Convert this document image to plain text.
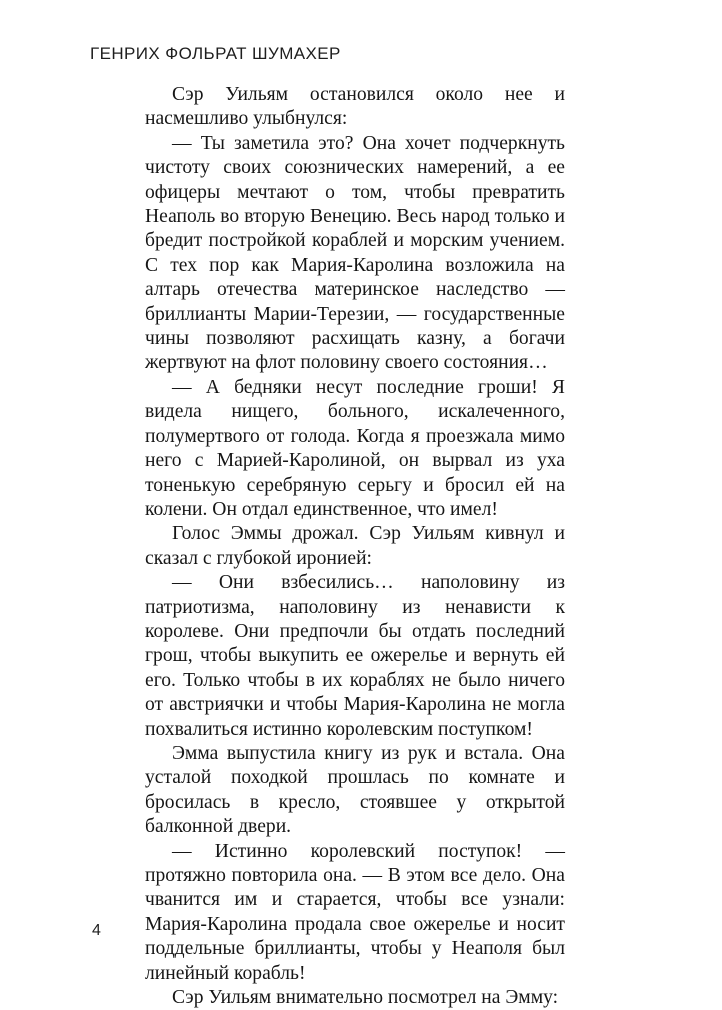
ГЕНРИХ ФОЛЬРАТ ШУМАХЕР

Сэр Уильям остановился около нее и насмешливо улыбнулся:

— Ты заметила это? Она хочет подчеркнуть чистоту своих союзнических намерений, а ее офицеры мечтают о том, чтобы превратить Неаполь во вторую Венецию. Весь народ только и бредит постройкой кораблей и морским учением. С тех пор как Мария-Каролина возложила на алтарь отечества материнское наследство — бриллианты Марии-Терезии, — государственные чины позволяют расхищать казну, а богачи жертвуют на флот половину своего состояния…

— А бедняки несут последние гроши! Я видела нищего, больного, искалеченного, полумертвого от голода. Когда я проезжала мимо него с Марией-Каролиной, он вырвал из уха тоненькую серебряную серьгу и бросил ей на колени. Он отдал единственное, что имел!

Голос Эммы дрожал. Сэр Уильям кивнул и сказал с глубокой иронией:

— Они взбесились… наполовину из патриотизма, наполовину из ненависти к королеве. Они предпочли бы отдать последний грош, чтобы выкупить ее ожерелье и вернуть ей его. Только чтобы в их кораблях не было ничего от австриячки и чтобы Мария-Каролина не могла похвалиться истинно королевским поступком!

Эмма выпустила книгу из рук и встала. Она усталой походкой прошлась по комнате и бросилась в кресло, стоявшее у открытой балконной двери.

— Истинно королевский поступок! — протяжно повторила она. — В этом все дело. Она чванится им и старается, чтобы все узнали: Мария-Каролина продала свое ожерелье и носит поддельные бриллианты, чтобы у Неаполя был линейный корабль!

Сэр Уильям внимательно посмотрел на Эмму:

4
